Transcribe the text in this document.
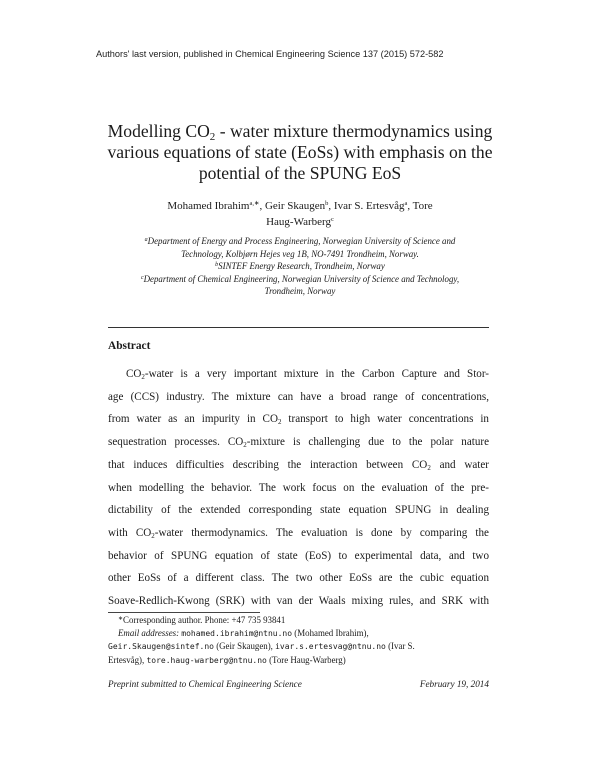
Authors' last version, published in Chemical Engineering Science 137 (2015) 572-582
Modelling $CO_2$ - water mixture thermodynamics using
various equations of state (EoSs) with emphasis on the
potential of the SPUNG EoS
Mohamed Ibrahim$^{a,∗}$, Geir Skaugen$^b$, Ivar S. Ertesvåg$^a$, Tore
Haug-Warberg$^c$
$^a$Department of Energy and Process Engineering, Norwegian University of Science and
Technology, Kolbjørn Hejes veg 1B, NO-7491 Trondheim, Norway.
$^b$SINTEF Energy Research, Trondheim, Norway
$^c$Department of Chemical Engineering, Norwegian University of Science and Technology,
Trondheim, Norway
Abstract
$CO_2$-water is a very important mixture in the Carbon Capture and Stor-
age (CCS) industry. The mixture can have a broad range of concentrations,
from water as an impurity in $CO_2$ transport to high water concentrations in
sequestration processes. $CO_2$-mixture is challenging due to the polar nature
that induces difficulties describing the interaction between $CO_2$ and water
when modelling the behavior. The work focus on the evaluation of the pre-
dictability of the extended corresponding state equation SPUNG in dealing
with $CO_2$-water thermodynamics. The evaluation is done by comparing the
behavior of SPUNG equation of state (EoS) to experimental data, and two
other EoSs of a different class. The two other EoSs are the cubic equation
Soave-Redlich-Kwong (SRK) with van der Waals mixing rules, and SRK with
∗Corresponding author. Phone: +47 735 93841
Email addresses: mohamed.ibrahim@ntnu.no (Mohamed Ibrahim),
Geir.Skaugen@sintef.no (Geir Skaugen), ivar.s.ertesvag@ntnu.no (Ivar S.
Ertesvåg), tore.haug-warberg@ntnu.no (Tore Haug-Warberg)
Preprint submitted to Chemical Engineering Science	February 19, 2014
